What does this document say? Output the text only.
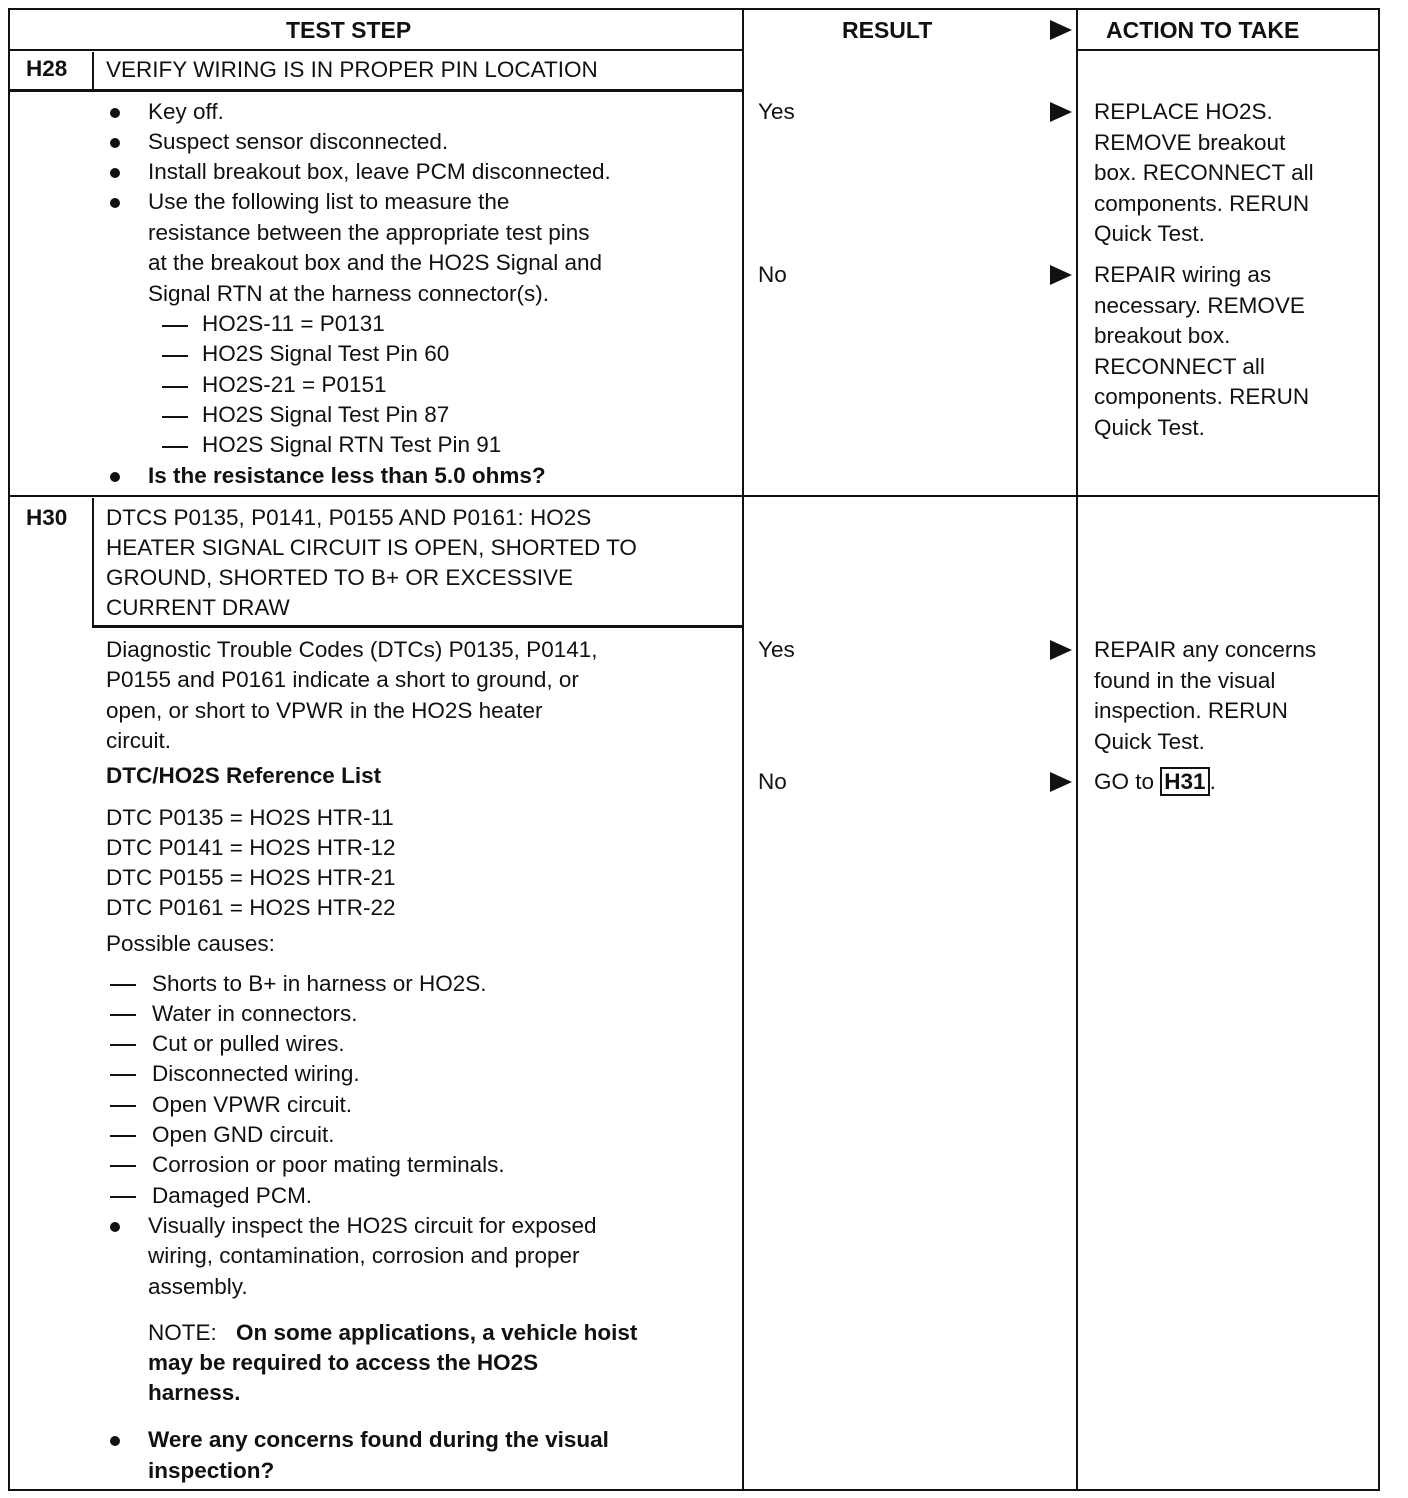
TEST STEP	RESULT	ACTION TO TAKE
H28 VERIFY WIRING IS IN PROPER PIN LOCATION
Key off.
Suspect sensor disconnected.
Install breakout box, leave PCM disconnected.
Use the following list to measure the
resistance between the appropriate test pins
at the breakout box and the HO2S Signal and
Signal RTN at the harness connector(s).
HO2S-11 = P0131
HO2S Signal Test Pin 60
HO2S-21 = P0151
HO2S Signal Test Pin 87
HO2S Signal RTN Test Pin 91
Is the resistance less than 5.0 ohms?
Yes
No
REPLACE HO2S.
REMOVE breakout
box. RECONNECT all
components. RERUN
Quick Test.
REPAIR wiring as
necessary. REMOVE
breakout box.
RECONNECT all
components. RERUN
Quick Test.
H30 DTCS P0135, P0141, P0155 AND P0161: HO2S
HEATER SIGNAL CIRCUIT IS OPEN, SHORTED TO
GROUND, SHORTED TO B+ OR EXCESSIVE
CURRENT DRAW
Diagnostic Trouble Codes (DTCs) P0135, P0141,
P0155 and P0161 indicate a short to ground, or
open, or short to VPWR in the HO2S heater
circuit.
DTC/HO2S Reference List
DTC P0135 = HO2S HTR-11
DTC P0141 = HO2S HTR-12
DTC P0155 = HO2S HTR-21
DTC P0161 = HO2S HTR-22
Possible causes:
Shorts to B+ in harness or HO2S.
Water in connectors.
Cut or pulled wires.
Disconnected wiring.
Open VPWR circuit.
Open GND circuit.
Corrosion or poor mating terminals.
Damaged PCM.
Visually inspect the HO2S circuit for exposed
wiring, contamination, corrosion and proper
assembly.
NOTE: On some applications, a vehicle hoist
may be required to access the HO2S
harness.
Were any concerns found during the visual
inspection?
Yes
No
REPAIR any concerns
found in the visual
inspection. RERUN
Quick Test.
GO to H31 .
